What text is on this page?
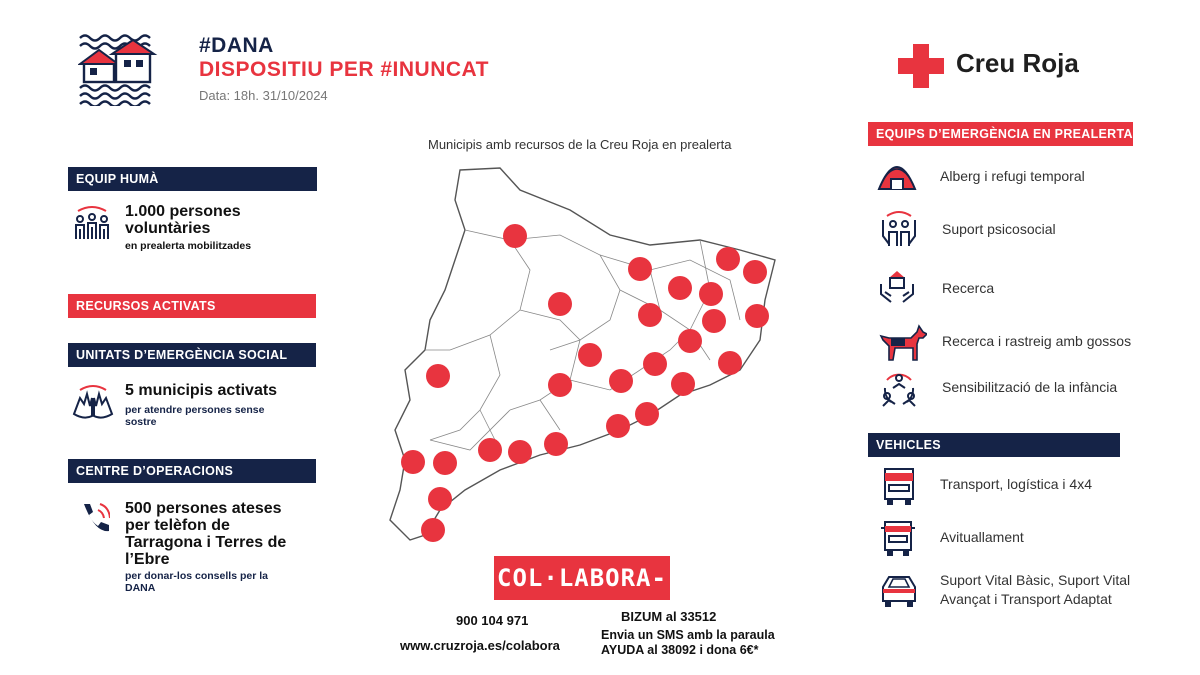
#DANA
DISPOSITIU PER #INUNCAT
Data: 18h. 31/10/2024
Creu Roja
EQUIP HUMÀ
1.000 persones
voluntàries
en prealerta mobilitzades
RECURSOS ACTIVATS
UNITATS D’EMERGÈNCIA SOCIAL
5 municipis activats
per atendre persones sense
sostre
CENTRE D’OPERACIONS
500 persones ateses
per telèfon de
Tarragona i Terres de
l’Ebre
per donar-los consells per la
DANA
Municipis amb recursos de la Creu Roja en prealerta
COL·LABORA-HI
900 104 971
www.cruzroja.es/colabora
BIZUM al 33512
Envia un SMS amb la paraula
AYUDA al 38092 i dona 6€*
EQUIPS D’EMERGÈNCIA EN PREALERTA
Alberg i refugi temporal
Suport psicosocial
Recerca
Recerca i rastreig amb gossos
Sensibilització de la infància
VEHICLES
Transport, logística i 4x4
Avituallament
Suport Vital Bàsic, Suport Vital
Avançat i Transport Adaptat
